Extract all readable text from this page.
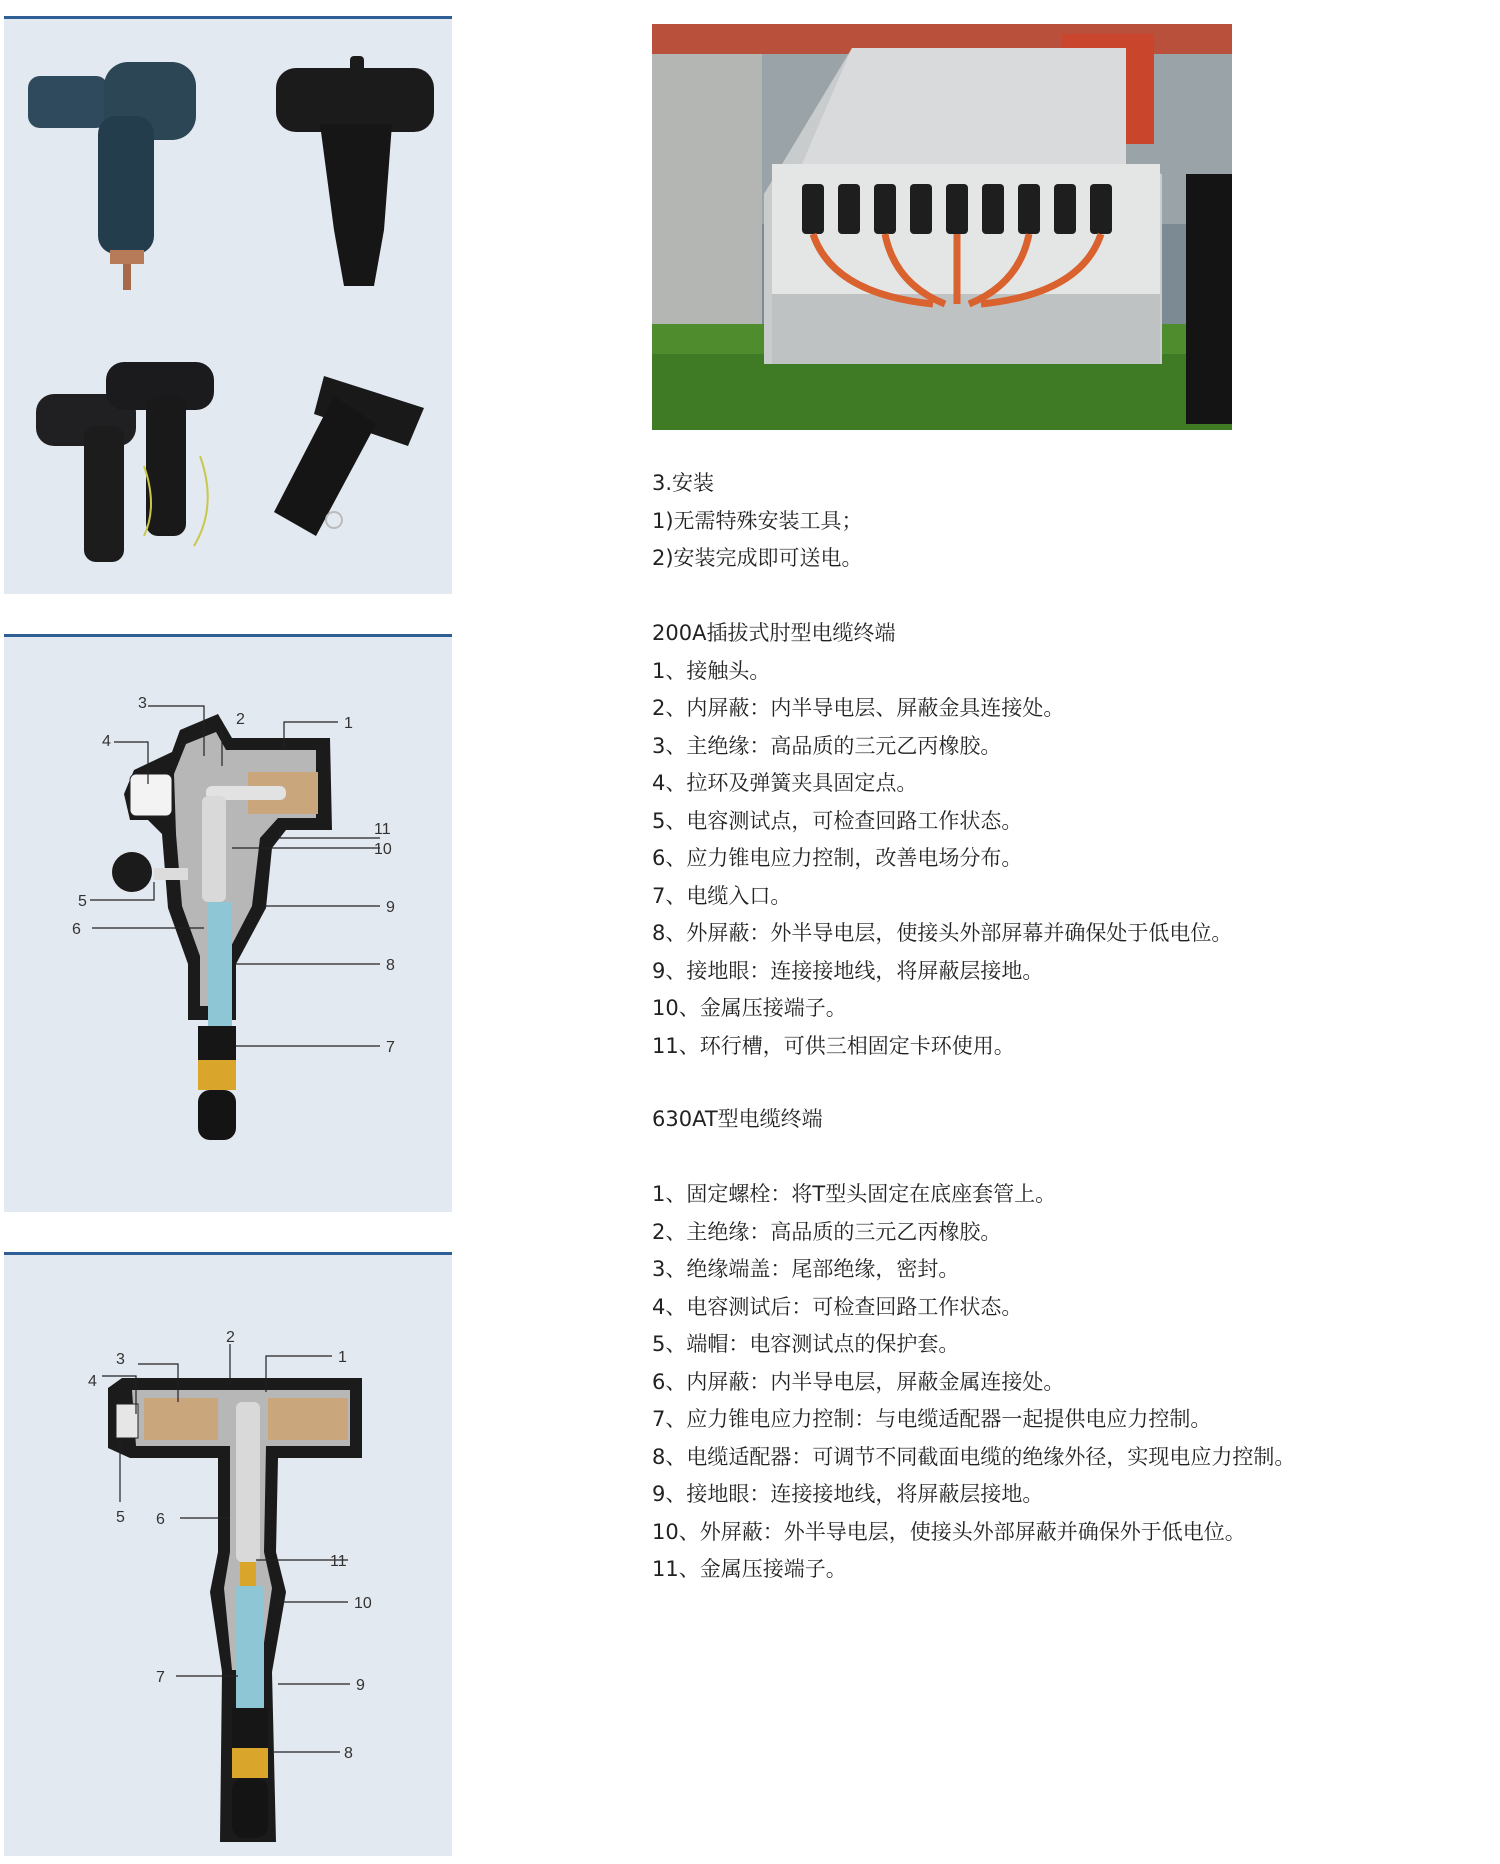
1
2
3
4
5
6
7
8
9
10
11
1
2
3
4
5 6
7
8
9
10
11
3.安装
1)无需特殊安装工具；
2)安装完成即可送电。
200A插拔式肘型电缆终端
1、接触头。
2、内屏蔽：内半导电层、屏蔽金具连接处。
3、主绝缘：高品质的三元乙丙橡胶。
4、拉环及弹簧夹具固定点。
5、电容测试点，可检查回路工作状态。
6、应力锥电应力控制，改善电场分布。
7、电缆入口。
8、外屏蔽：外半导电层，使接头外部屏幕并确保处于低电位。
9、接地眼：连接接地线，将屏蔽层接地。
10、金属压接端子。
11、环行槽，可供三相固定卡环使用。
630AT型电缆终端
1、固定螺栓：将T型头固定在底座套管上。
2、主绝缘：高品质的三元乙丙橡胶。
3、绝缘端盖：尾部绝缘，密封。
4、电容测试后：可检查回路工作状态。
5、端帽：电容测试点的保护套。
6、内屏蔽：内半导电层，屏蔽金属连接处。
7、应力锥电应力控制：与电缆适配器一起提供电应力控制。
8、电缆适配器：可调节不同截面电缆的绝缘外径，实现电应力控制。
9、接地眼：连接接地线，将屏蔽层接地。
10、外屏蔽：外半导电层，使接头外部屏蔽并确保外于低电位。
11、金属压接端子。
